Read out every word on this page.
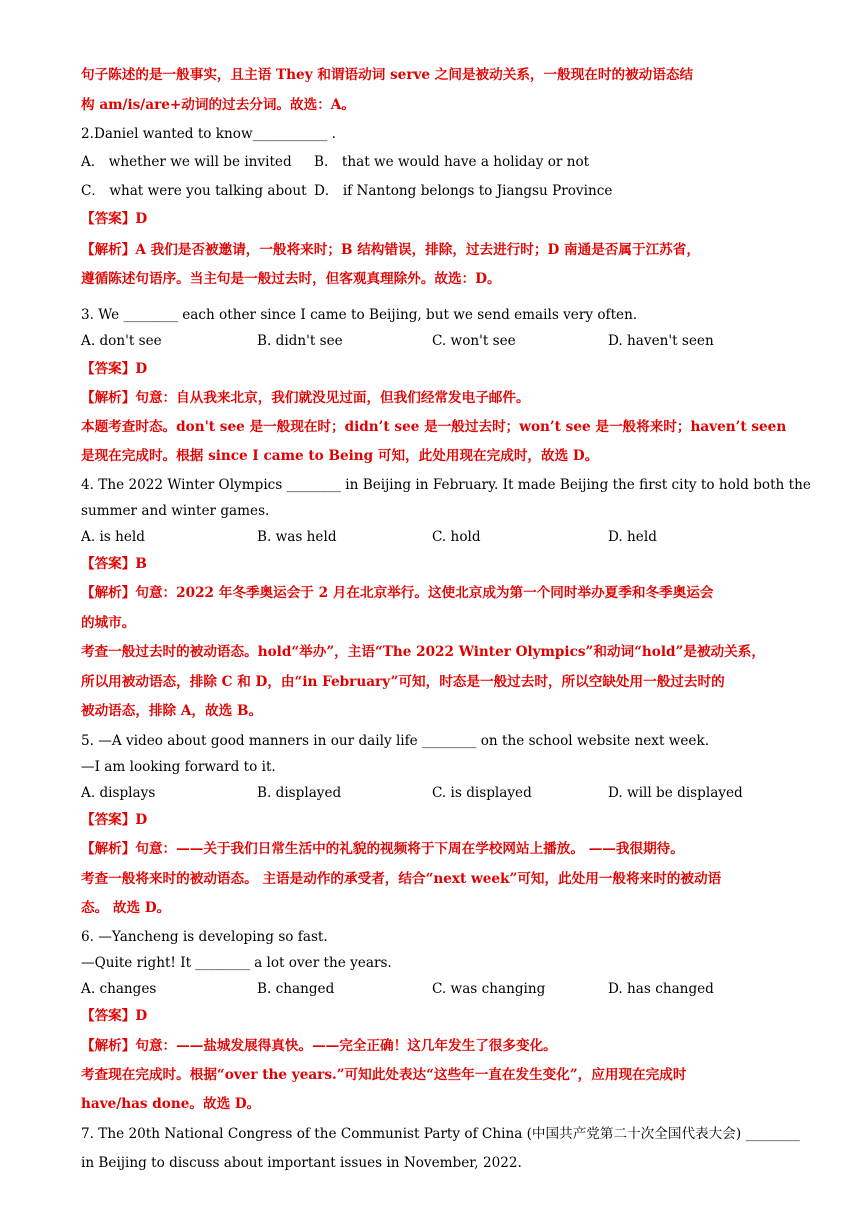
句子陈述的是一般事实，且主语 They 和谓语动词 serve 之间是被动关系，一般现在时的被动语态结
构 am/is/are+动词的过去分词。故选：A。
2.Daniel wanted to know___________ .
A． whether we will be invited B． that we would have a holiday or not
C． what were you talking about D． if Nantong belongs to Jiangsu Province
【答案】D
【解析】A 我们是否被邀请，一般将来时；B 结构错误，排除，过去进行时；D 南通是否属于江苏省，
遵循陈述句语序。当主句是一般过去时，但客观真理除外。故选：D。
3. We ________ each other since I came to Beijing, but we send emails very often.
A. don't see	B. didn't see	C. won't see	D. haven't seen
【答案】D
【解析】句意：自从我来北京，我们就没见过面，但我们经常发电子邮件。
本题考查时态。don't see 是一般现在时；didn’t see 是一般过去时；won’t see 是一般将来时；haven’t seen
是现在完成时。根据 since I came to Being 可知，此处用现在完成时，故选 D。
4. The 2022 Winter Olympics ________ in Beijing in February. It made Beijing the first city to hold both the
summer and winter games.
A. is held	B. was held	C. hold	D. held
【答案】B
【解析】句意：2022 年冬季奥运会于 2 月在北京举行。这使北京成为第一个同时举办夏季和冬季奥运会
的城市。
考查一般过去时的被动语态。hold“举办”，主语“The 2022 Winter Olympics”和动词“hold”是被动关系，
所以用被动语态，排除 C 和 D，由“in February”可知，时态是一般过去时，所以空缺处用一般过去时的
被动语态，排除 A，故选 B。
5. —A video about good manners in our daily life ________ on the school website next week.
—I am looking forward to it.
A. displays	B. displayed	C. is displayed	D. will be displayed
【答案】D
【解析】句意：——关于我们日常生活中的礼貌的视频将于下周在学校网站上播放。 ——我很期待。
考查一般将来时的被动语态。 主语是动作的承受者，结合“next week”可知，此处用一般将来时的被动语
态。 故选 D。
6. —Yancheng is developing so fast.
—Quite right! It ________ a lot over the years.
A. changes	B. changed	C. was changing	D. has changed
【答案】D
【解析】句意：——盐城发展得真快。——完全正确！这几年发生了很多变化。
考查现在完成时。根据“over the years.”可知此处表达“这些年一直在发生变化”，应用现在完成时
have/has done。故选 D。
7. The 20th National Congress of the Communist Party of China (中国共产党第二十次全国代表大会) ________
in Beijing to discuss about important issues in November, 2022.
